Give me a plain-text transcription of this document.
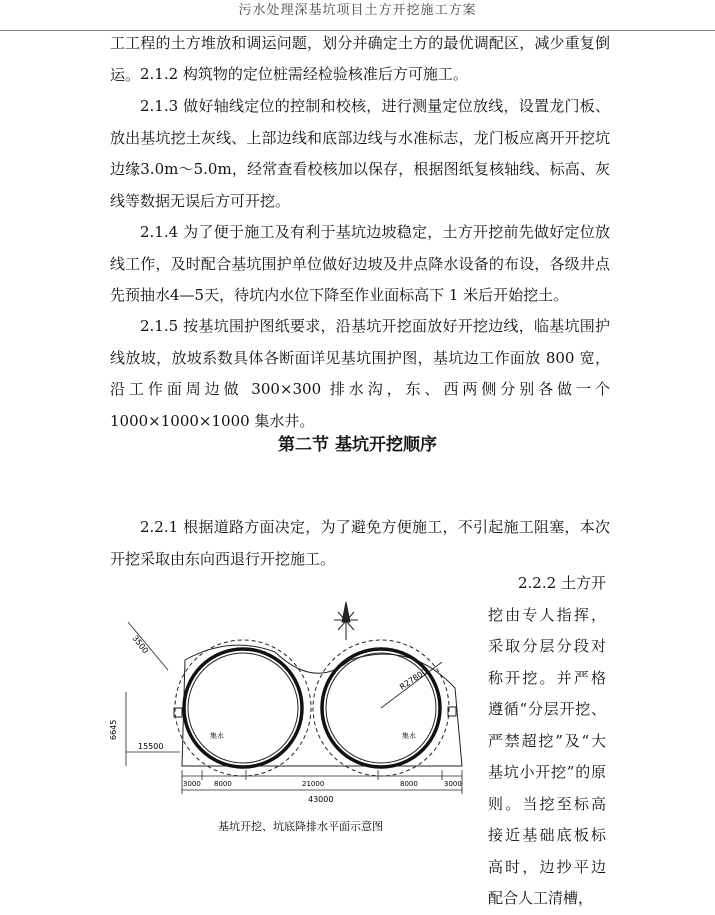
污水处理深基坑项目土方开挖施工方案

工工程的土方堆放和调运问题，划分并确定土方的最优调配区，减少重复倒运。 2.1.2 构筑物的定位桩需经检验核准后方可施工。

2.1.3 做好轴线定位的控制和校核，进行测量定位放线，设置龙门板、放出基坑挖土灰线、上部边线和底部边线与水准标志，龙门板应离开开挖坑边缘3.0m～5.0m，经常查看校核加以保存，根据图纸复核轴线、标高、灰线等数据无误后方可开挖。

2.1.4 为了便于施工及有利于基坑边坡稳定，土方开挖前先做好定位放线工作，及时配合基坑围护单位做好边坡及井点降水设备的布设，各级井点先预抽水4—5天，待坑内水位下降至作业面标高下 1 米后开始挖土。

2.1.5 按基坑围护图纸要求，沿基坑开挖面放好开挖边线，临基坑围护线放坡，放坡系数具体各断面详见基坑围护图，基坑边工作面放 800 宽，沿工作面周边做 300×300 排水沟，东、西两侧分别各做一个 1000×1000×1000 集水井。

第二节 基坑开挖顺序

2.2.1 根据道路方面决定，为了避免方便施工，不引起施工阻塞，本次开挖采取由东向西退行开挖施工。

2.2.2 土方开挖由专人指挥，采取分层分段对称开挖。并严格遵循“分层开挖、严禁超挖”及“大基坑小开挖”的原则。当挖至标高接近基础底板标高时，边抄平边配合人工清槽，

R27800
3500
集水	集水
6645
15500
3000 8000	21000	8000	3000
43000
基坑开挖、坑底降排水平面示意图
